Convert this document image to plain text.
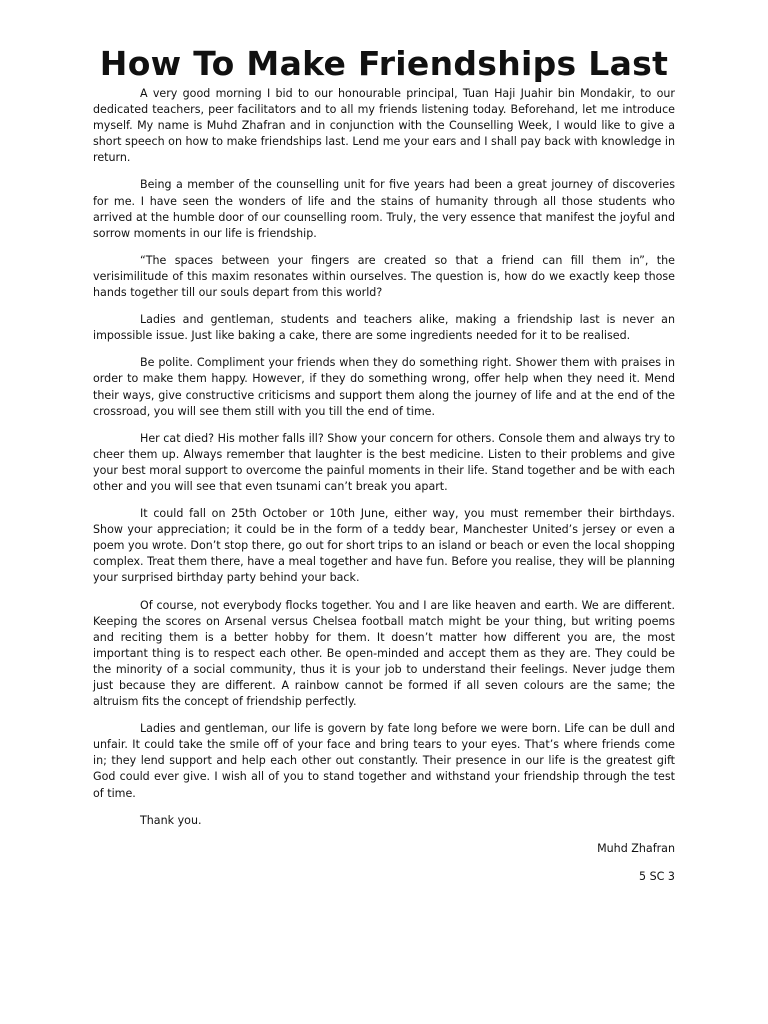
How To Make Friendships Last

A very good morning I bid to our honourable principal, Tuan Haji Juahir bin Mondakir, to our dedicated teachers, peer facilitators and to all my friends listening today. Beforehand, let me introduce myself. My name is Muhd Zhafran and in conjunction with the Counselling Week, I would like to give a short speech on how to make friendships last. Lend me your ears and I shall pay back with knowledge in return.

Being a member of the counselling unit for five years had been a great journey of discoveries for me. I have seen the wonders of life and the stains of humanity through all those students who arrived at the humble door of our counselling room. Truly, the very essence that manifest the joyful and sorrow moments in our life is friendship.

“The spaces between your fingers are created so that a friend can fill them in”, the verisimilitude of this maxim resonates within ourselves. The question is, how do we exactly keep those hands together till our souls depart from this world?

Ladies and gentleman, students and teachers alike, making a friendship last is never an impossible issue. Just like baking a cake, there are some ingredients needed for it to be realised.

Be polite. Compliment your friends when they do something right. Shower them with praises in order to make them happy. However, if they do something wrong, offer help when they need it. Mend their ways, give constructive criticisms and support them along the journey of life and at the end of the crossroad, you will see them still with you till the end of time.

Her cat died? His mother falls ill? Show your concern for others. Console them and always try to cheer them up. Always remember that laughter is the best medicine. Listen to their problems and give your best moral support to overcome the painful moments in their life. Stand together and be with each other and you will see that even tsunami can’t break you apart.

It could fall on 25th October or 10th June, either way, you must remember their birthdays. Show your appreciation; it could be in the form of a teddy bear, Manchester United’s jersey or even a poem you wrote. Don’t stop there, go out for short trips to an island or beach or even the local shopping complex. Treat them there, have a meal together and have fun. Before you realise, they will be planning your surprised birthday party behind your back.

Of course, not everybody flocks together. You and I are like heaven and earth. We are different. Keeping the scores on Arsenal versus Chelsea football match might be your thing, but writing poems and reciting them is a better hobby for them. It doesn’t matter how different you are, the most important thing is to respect each other. Be open-minded and accept them as they are. They could be the minority of a social community, thus it is your job to understand their feelings. Never judge them just because they are different. A rainbow cannot be formed if all seven colours are the same; the altruism fits the concept of friendship perfectly.

Ladies and gentleman, our life is govern by fate long before we were born. Life can be dull and unfair. It could take the smile off of your face and bring tears to your eyes. That’s where friends come in; they lend support and help each other out constantly. Their presence in our life is the greatest gift God could ever give. I wish all of you to stand together and withstand your friendship through the test of time.

Thank you.

Muhd Zhafran

5 SC 3
